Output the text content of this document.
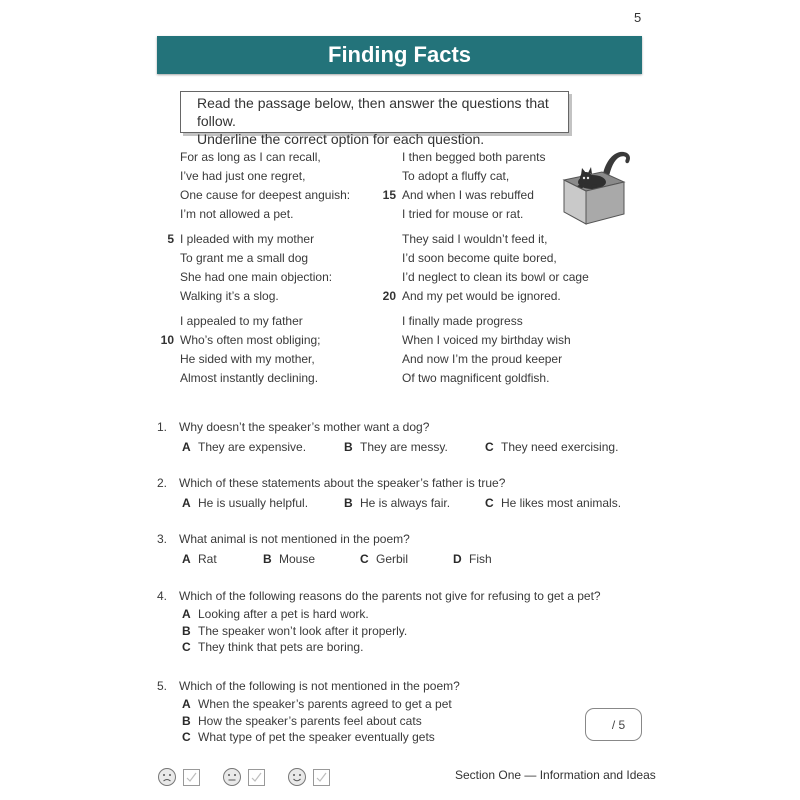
5
Finding Facts
Read the passage below, then answer the questions that follow.
Underline the correct option for each question.
For as long as I can recall,
I’ve had just one regret,
One cause for deepest anguish:
I’m not allowed a pet.
5 I pleaded with my mother
To grant me a small dog
She had one main objection:
Walking it’s a slog.
I appealed to my father
10 Who’s often most obliging;
He sided with my mother,
Almost instantly declining.
I then begged both parents
To adopt a fluffy cat,
15 And when I was rebuffed
I tried for mouse or rat.
They said I wouldn’t feed it,
I’d soon become quite bored,
I’d neglect to clean its bowl or cage
20 And my pet would be ignored.
I finally made progress
When I voiced my birthday wish
And now I’m the proud keeper
Of two magnificent goldfish.
1. Why doesn’t the speaker’s mother want a dog?
A They are expensive.	B They are messy.	C They need exercising.
2. Which of these statements about the speaker’s father is true?
A He is usually helpful.	B He is always fair.	C He likes most animals.
3. What animal is not mentioned in the poem?
A Rat	B Mouse	C Gerbil	D Fish
4. Which of the following reasons do the parents not give for refusing to get a pet?
A Looking after a pet is hard work.
B The speaker won’t look after it properly.
C They think that pets are boring.
5. Which of the following is not mentioned in the poem?
A When the speaker’s parents agreed to get a pet
B How the speaker’s parents feel about cats
C What type of pet the speaker eventually gets
/ 5
Section One — Information and Ideas
